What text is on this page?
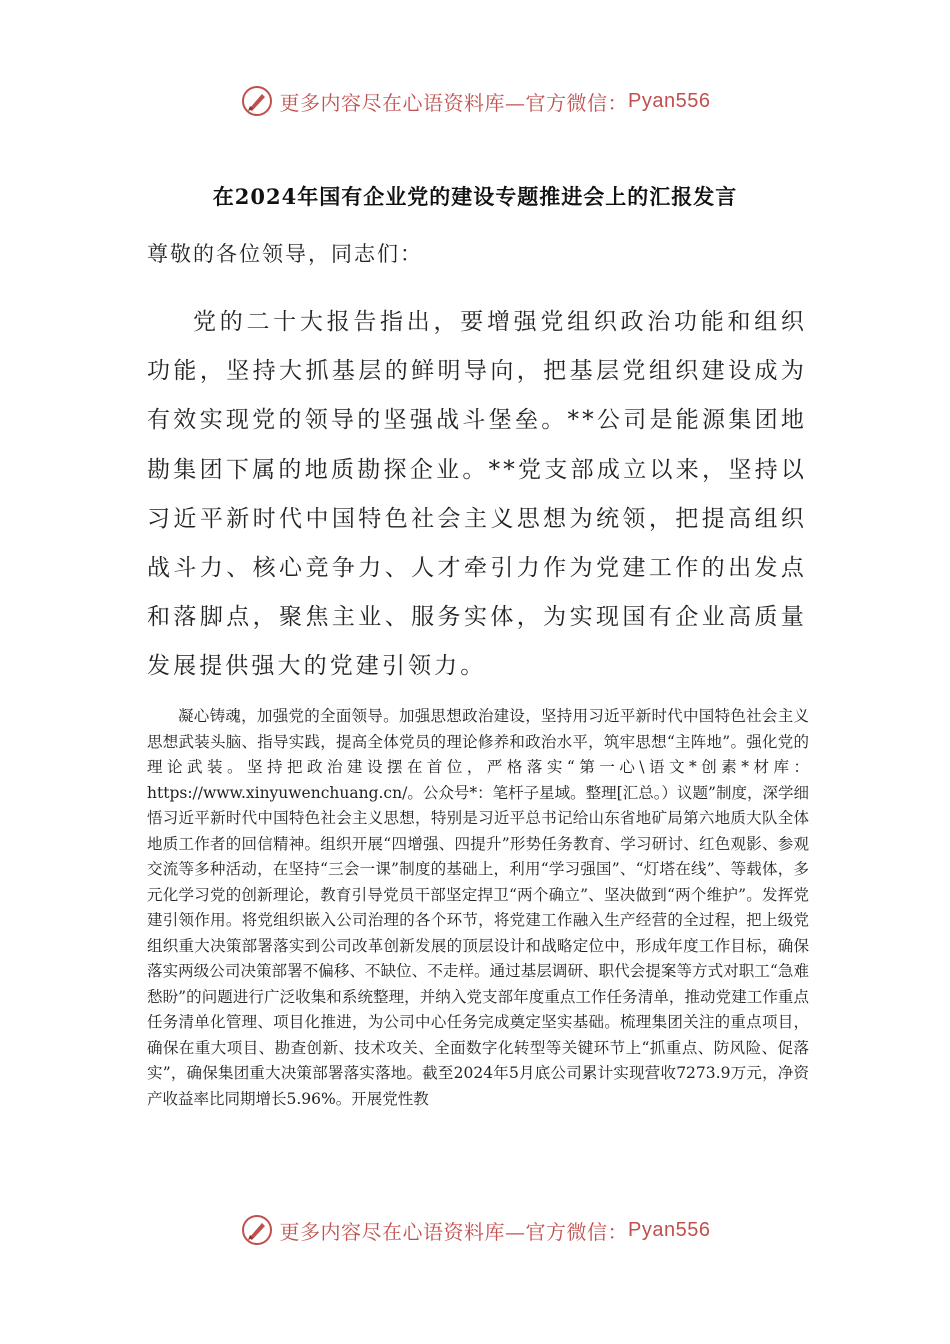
更多内容尽在心语资料库—官方微信： Pyan556
在2024年国有企业党的建设专题推进会上的汇报发言
尊敬的各位领导，同志们：

党的二十大报告指出，要增强党组织政治功能和组织功能，坚持大抓基层的鲜明导向，把基层党组织建设成为有效实现党的领导的坚强战斗堡垒。**公司是能源集团地勘集团下属的地质勘探企业。**党支部成立以来，坚持以习近平新时代中国特色社会主义思想为统领，把提高组织战斗力、核心竞争力、人才牵引力作为党建工作的出发点和落脚点，聚焦主业、服务实体，为实现国有企业高质量发展提供强大的党建引领力。

凝心铸魂，加强党的全面领导。加强思想政治建设，坚持用习近平新时代中国特色社会主义思想武装头脑、指导实践，提高全体党员的理论修养和政治水平，筑牢思想“主阵地”。强化党的理论武装。坚持把政治建设摆在首位，严格落实“第一心\语文*创素*材库：https://www.xinyuwenchuang.cn/。公众号*：笔杆子星域。整理[汇总。）议题”制度，深学细悟习近平新时代中国特色社会主义思想，特别是习近平总书记给山东省地矿局第六地质大队全体地质工作者的回信精神。组织开展“四增强、四提升”形势任务教育、学习研讨、红色观影、参观交流等多种活动，在坚持“三会一课”制度的基础上，利用“学习强国”、“灯塔在线”、等载体，多元化学习党的创新理论，教育引导党员干部坚定捍卫“两个确立”、坚决做到“两个维护”。发挥党建引领作用。将党组织嵌入公司治理的各个环节，将党建工作融入生产经营的全过程，把上级党组织重大决策部署落实到公司改革创新发展的顶层设计和战略定位中，形成年度工作目标，确保落实两级公司决策部署不偏移、不缺位、不走样。通过基层调研、职代会提案等方式对职工“急难愁盼”的问题进行广泛收集和系统整理，并纳入党支部年度重点工作任务清单，推动党建工作重点任务清单化管理、项目化推进，为公司中心任务完成奠定坚实基础。梳理集团关注的重点项目，确保在重大项目、勘查创新、技术攻关、全面数字化转型等关键环节上“抓重点、防风险、促落实”，确保集团重大决策部署落实落地。截至2024年5月底公司累计实现营收7273.9万元，净资产收益率比同期增长5.96%。开展党性教

更多内容尽在心语资料库—官方微信： Pyan556
